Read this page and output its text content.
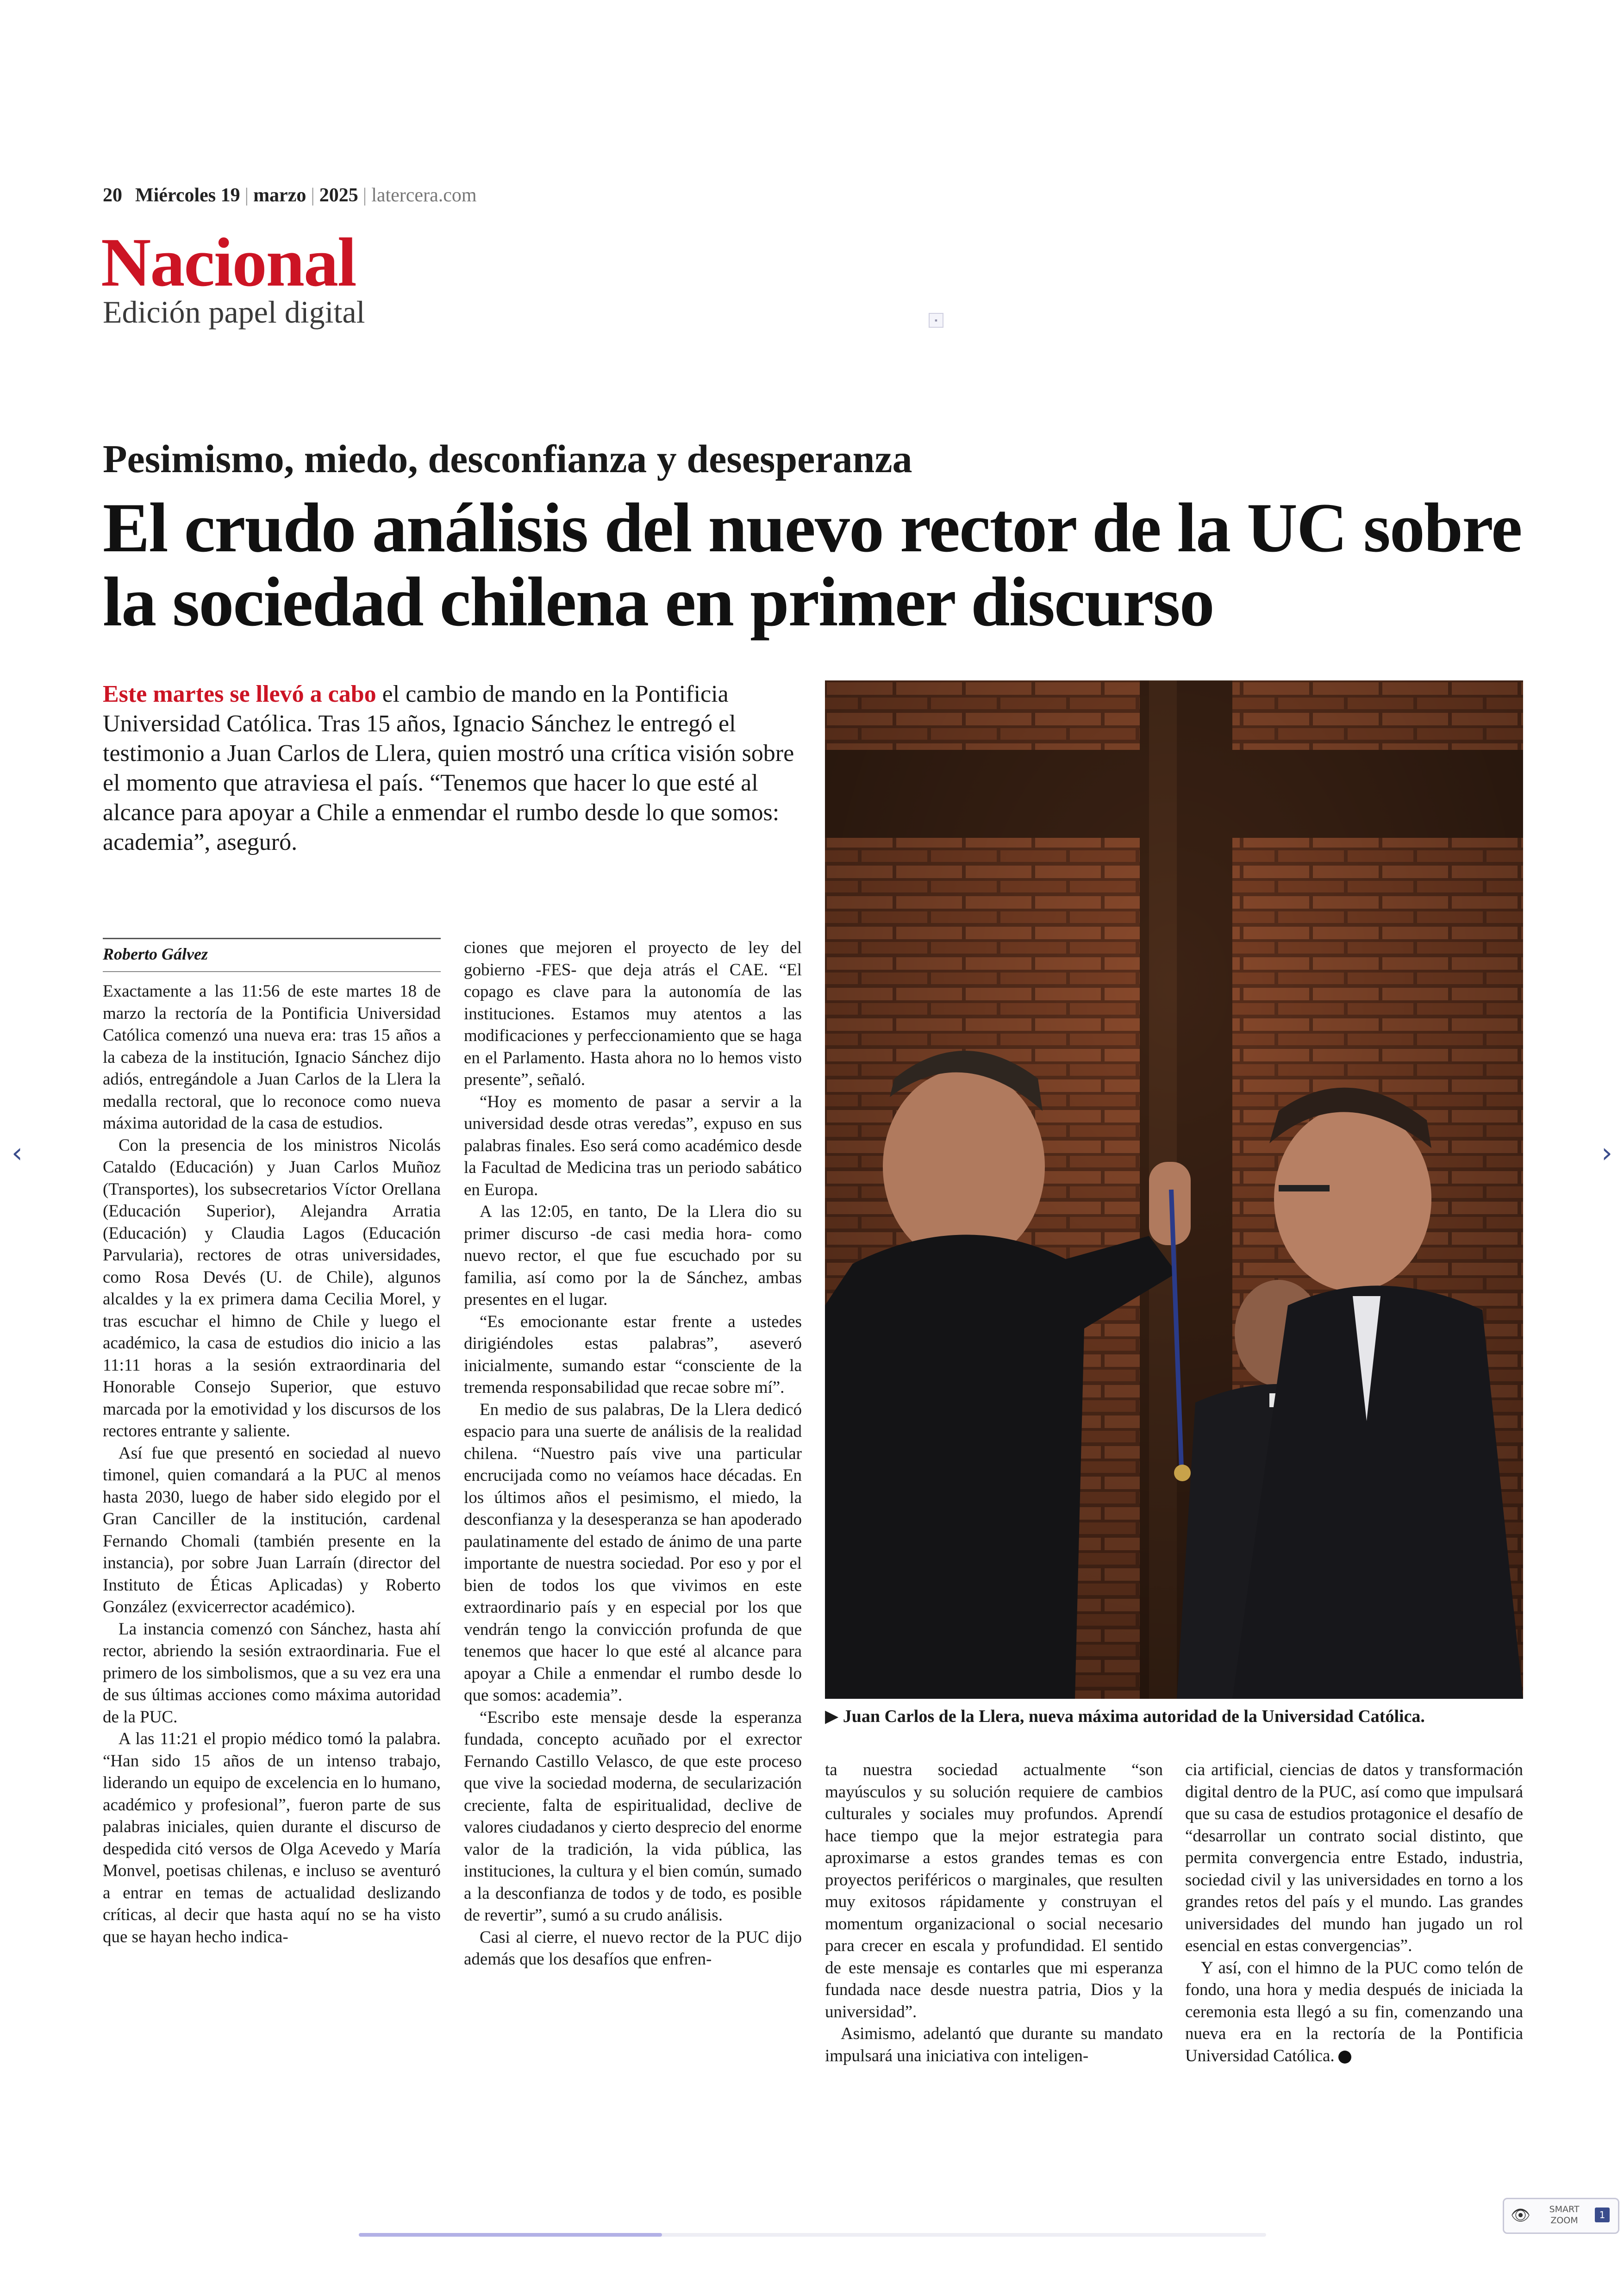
20 Miércoles 19 | marzo | 2025 | latercera.com
Nacional
Edición papel digital	▪
Pesimismo, miedo, desconfianza y desesperanza
El crudo análisis del nuevo rector de la UC sobre la sociedad chilena en primer discurso
Este martes se llevó a cabo el cambio de mando en la Pontificia Universidad Católica. Tras 15 años, Ignacio Sánchez le entregó el testimonio a Juan Carlos de Llera, quien mostró una crítica visión sobre el momento que atraviesa el país. “Tenemos que hacer lo que esté al alcance para apoyar a Chile a enmendar el rumbo desde lo que somos: academia”, aseguró.
▶ Juan Carlos de la Llera, nueva máxima autoridad de la Universidad Católica.
Roberto Gálvez

Exactamente a las 11:56 de este martes 18 de marzo la rectoría de la Pontificia Universidad Católica comenzó una nueva era: tras 15 años a la cabeza de la institución, Ignacio Sánchez dijo adiós, entregándole a Juan Carlos de la Llera la medalla rectoral, que lo reconoce como nueva máxima autoridad de la casa de estudios.

Con la presencia de los ministros Nicolás Cataldo (Educación) y Juan Carlos Muñoz (Transportes), los subsecretarios Víctor Orellana (Educación Superior), Alejandra Arratia (Educación) y Claudia Lagos (Educación Parvularia), rectores de otras universidades, como Rosa Devés (U. de Chile), algunos alcaldes y la ex primera dama Cecilia Morel, y tras escuchar el himno de Chile y luego el académico, la casa de estudios dio inicio a las 11:11 horas a la sesión extraordinaria del Honorable Consejo Superior, que estuvo marcada por la emotividad y los discursos de los rectores entrante y saliente.

Así fue que presentó en sociedad al nuevo timonel, quien comandará a la PUC al menos hasta 2030, luego de haber sido elegido por el Gran Canciller de la institución, cardenal Fernando Chomali (también presente en la instancia), por sobre Juan Larraín (director del Instituto de Éticas Aplicadas) y Roberto González (exvicerrector académico).

La instancia comenzó con Sánchez, hasta ahí rector, abriendo la sesión extraordinaria. Fue el primero de los simbolismos, que a su vez era una de sus últimas acciones como máxima autoridad de la PUC.

A las 11:21 el propio médico tomó la palabra. “Han sido 15 años de un intenso trabajo, liderando un equipo de excelencia en lo humano, académico y profesional”, fueron parte de sus palabras iniciales, quien durante el discurso de despedida citó versos de Olga Acevedo y María Monvel, poetisas chilenas, e incluso se aventuró a entrar en temas de actualidad deslizando críticas, al decir que hasta aquí no se ha visto que se hayan hecho indica-

ciones que mejoren el proyecto de ley del gobierno -FES- que deja atrás el CAE. “El copago es clave para la autonomía de las instituciones. Estamos muy atentos a las modificaciones y perfeccionamiento que se haga en el Parlamento. Hasta ahora no lo hemos visto presente”, señaló.

“Hoy es momento de pasar a servir a la universidad desde otras veredas”, expuso en sus palabras finales. Eso será como académico desde la Facultad de Medicina tras un periodo sabático en Europa.

A las 12:05, en tanto, De la Llera dio su primer discurso -de casi media hora- como nuevo rector, el que fue escuchado por su familia, así como por la de Sánchez, ambas presentes en el lugar.

“Es emocionante estar frente a ustedes dirigiéndoles estas palabras”, aseveró inicialmente, sumando estar “consciente de la tremenda responsabilidad que recae sobre mí”.

En medio de sus palabras, De la Llera dedicó espacio para una suerte de análisis de la realidad chilena. “Nuestro país vive una particular encrucijada como no veíamos hace décadas. En los últimos años el pesimismo, el miedo, la desconfianza y la desesperanza se han apoderado paulatinamente del estado de ánimo de una parte importante de nuestra sociedad. Por eso y por el bien de todos los que vivimos en este extraordinario país y en especial por los que vendrán tengo la convicción profunda de que tenemos que hacer lo que esté al alcance para apoyar a Chile a enmendar el rumbo desde lo que somos: academia”.

“Escribo este mensaje desde la esperanza fundada, concepto acuñado por el exrector Fernando Castillo Velasco, de que este proceso que vive la sociedad moderna, de secularización creciente, falta de espiritualidad, declive de valores ciudadanos y cierto desprecio del enorme valor de la tradición, la vida pública, las instituciones, la cultura y el bien común, sumado a la desconfianza de todos y de todo, es posible de revertir”, sumó a su crudo análisis.

Casi al cierre, el nuevo rector de la PUC dijo además que los desafíos que enfren-

ta nuestra sociedad actualmente “son mayúsculos y su solución requiere de cambios culturales y sociales muy profundos. Aprendí hace tiempo que la mejor estrategia para aproximarse a estos grandes temas es con proyectos periféricos o marginales, que resulten muy exitosos rápidamente y construyan el momentum organizacional o social necesario para crecer en escala y profundidad. El sentido de este mensaje es contarles que mi esperanza fundada nace desde nuestra patria, Dios y la universidad”.

Asimismo, adelantó que durante su mandato impulsará una iniciativa con inteligen-

cia artificial, ciencias de datos y transformación digital dentro de la PUC, así como que impulsará que su casa de estudios protagonice el desafío de “desarrollar un contrato social distinto, que permita convergencia entre Estado, industria, sociedad civil y las universidades en torno a los grandes retos del país y el mundo. Las grandes universidades del mundo han jugado un rol esencial en estas convergencias”.

Y así, con el himno de la PUC como telón de fondo, una hora y media después de iniciada la ceremonia esta llegó a su fin, comenzando una nueva era en la rectoría de la Pontificia Universidad Católica.

‹	›
👁	SMART
ZOOM	1
